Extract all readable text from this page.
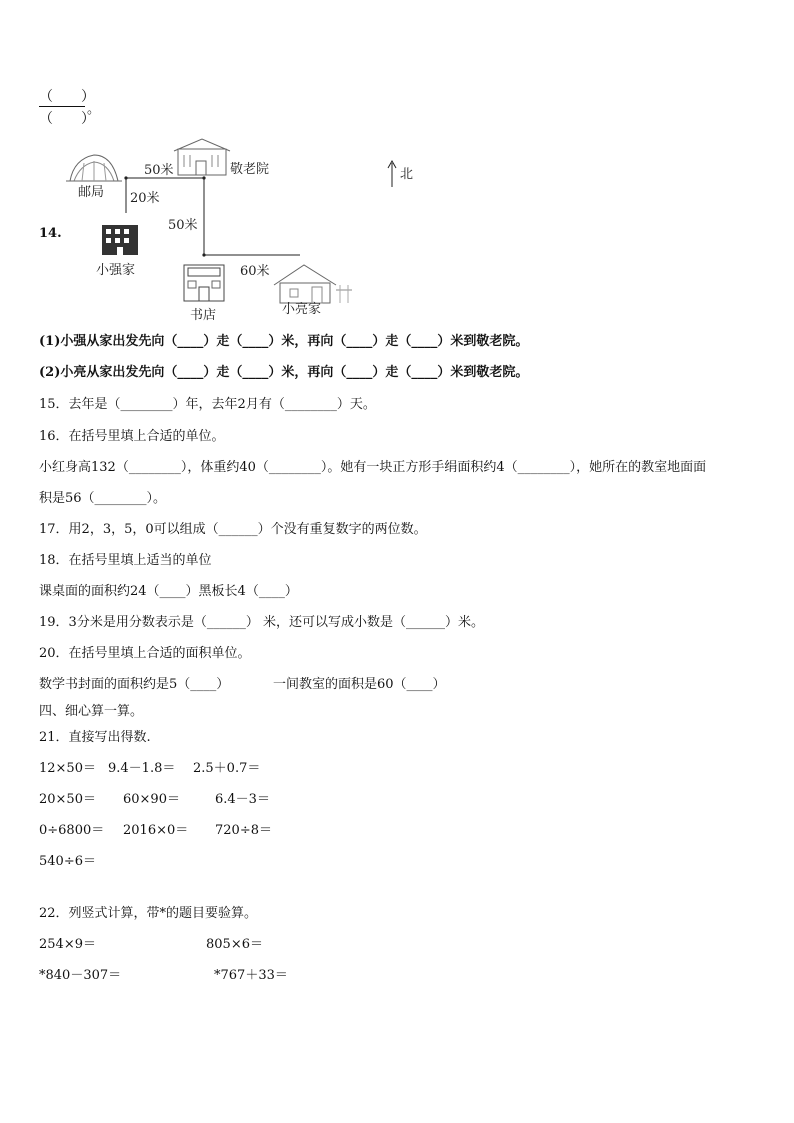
（　　）
（　　）
。
14.
邮局
敬老院
50米
20米
50米
60米
小强家
书店	小亮家
北
(1)小强从家出发先向（____）走（____）米，再向（____）走（____）米到敬老院。
(2)小亮从家出发先向（____）走（____）米，再向（____）走（____）米到敬老院。
15．去年是（________）年，去年2月有（________）天。
16．在括号里填上合适的单位。
小红身高132（________），体重约40（________）。她有一块正方形手绢面积约4（________），她所在的教室地面面
积是56（________）。
17．用2，3，5，0可以组成（______）个没有重复数字的两位数。
18．在括号里填上适当的单位
课桌面的面积约24（____）黑板长4（____）
19．3分米是用分数表示是（______） 米，还可以写成小数是（______）米。
20．在括号里填上合适的面积单位。
数学书封面的面积约是5（____）	一间教室的面积是60（____）
四、细心算一算。
21．直接写出得数.
12×50＝ 9.4－1.8＝ 2.5＋0.7＝
20×50＝ 60×90＝	6.4－3＝
0÷6800＝ 2016×0＝ 720÷8＝
540÷6＝
22．列竖式计算，带*的题目要验算。
254×9＝	805×6＝
*840－307＝	*767＋33＝
